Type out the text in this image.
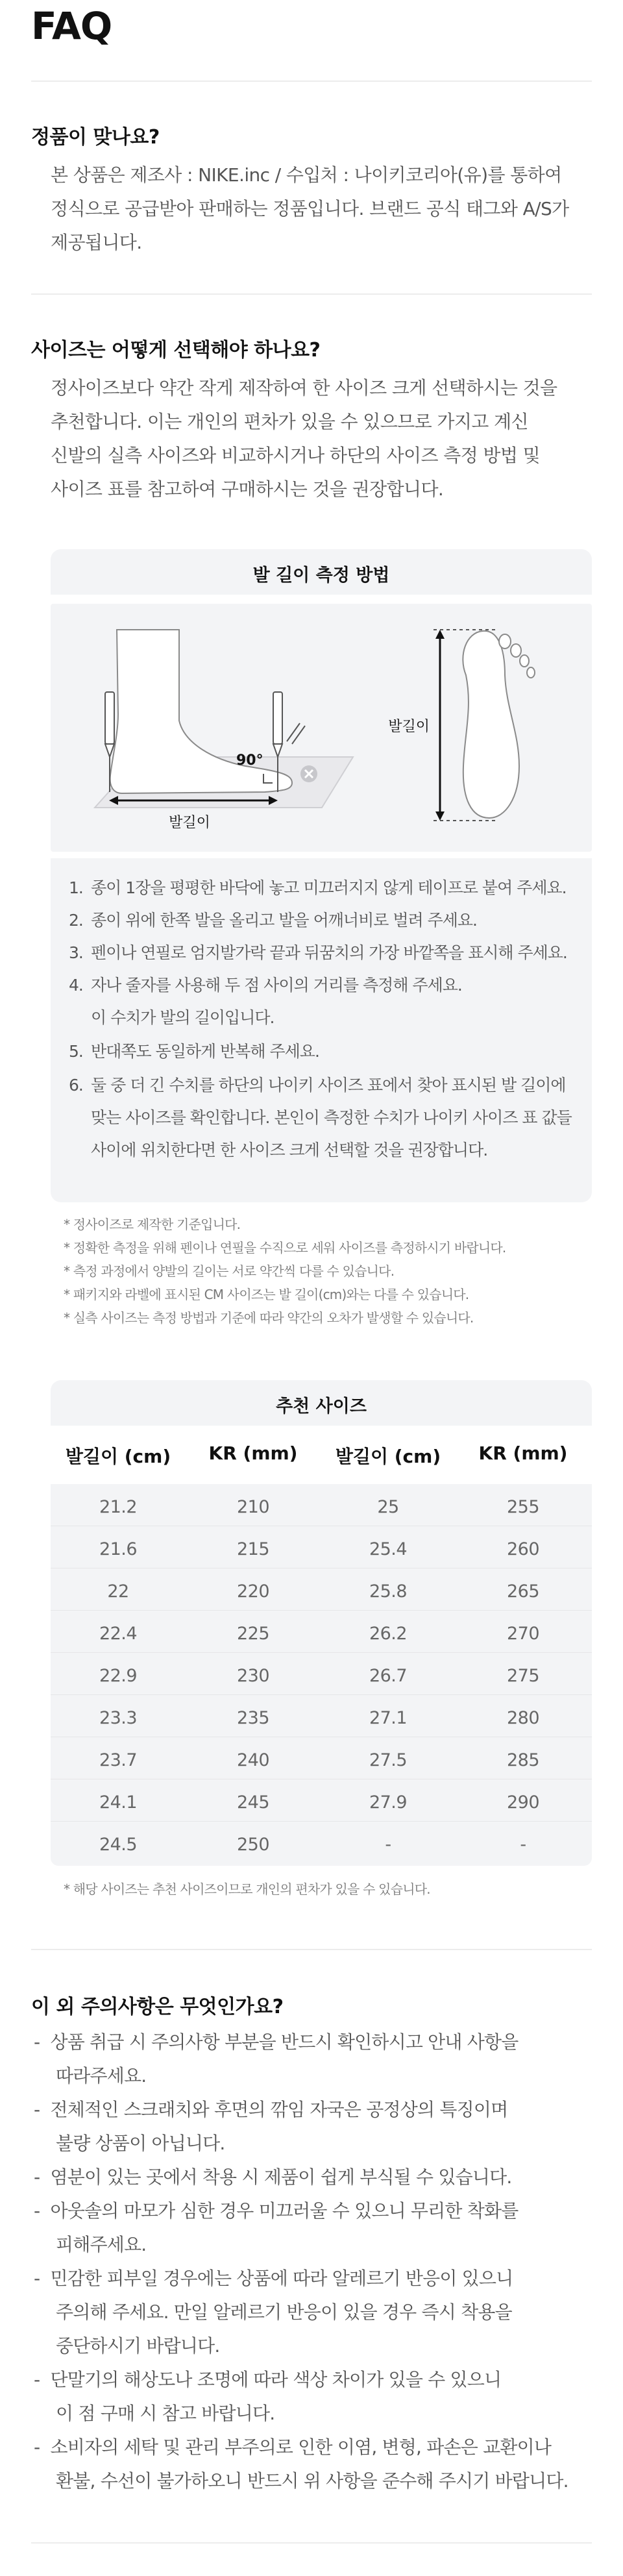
FAQ
정품이 맞나요?
본 상품은 제조사 : NIKE.inc / 수입처 : 나이키코리아(유)를 통하여
정식으로 공급받아 판매하는 정품입니다. 브랜드 공식 태그와 A/S가
제공됩니다.
사이즈는 어떻게 선택해야 하나요?
정사이즈보다 약간 작게 제작하여 한 사이즈 크게 선택하시는 것을
추천합니다. 이는 개인의 편차가 있을 수 있으므로 가지고 계신
신발의 실측 사이즈와 비교하시거나 하단의 사이즈 측정 방법 및
사이즈 표를 참고하여 구매하시는 것을 권장합니다.
발 길이 측정 방법
90°
발길이
발길이
1. 종이 1장을 평평한 바닥에 놓고 미끄러지지 않게 테이프로 붙여 주세요.
2. 종이 위에 한쪽 발을 올리고 발을 어깨너비로 벌려 주세요.
3. 펜이나 연필로 엄지발가락 끝과 뒤꿈치의 가장 바깥쪽을 표시해 주세요.
4. 자나 줄자를 사용해 두 점 사이의 거리를 측정해 주세요.
이 수치가 발의 길이입니다.
5. 반대쪽도 동일하게 반복해 주세요.
6. 둘 중 더 긴 수치를 하단의 나이키 사이즈 표에서 찾아 표시된 발 길이에
맞는 사이즈를 확인합니다. 본인이 측정한 수치가 나이키 사이즈 표 값들
사이에 위치한다면 한 사이즈 크게 선택할 것을 권장합니다.
* 정사이즈로 제작한 기준입니다.
* 정확한 측정을 위해 펜이나 연필을 수직으로 세워 사이즈를 측정하시기 바랍니다.
* 측정 과정에서 양발의 길이는 서로 약간씩 다를 수 있습니다.
* 패키지와 라벨에 표시된 CM 사이즈는 발 길이(cm)와는 다를 수 있습니다.
* 실측 사이즈는 측정 방법과 기준에 따라 약간의 오차가 발생할 수 있습니다.
추천 사이즈
발길이 (cm)	KR (mm)	발길이 (cm)	KR (mm)
21.2	210	25	255
21.6	215	25.4	260
22	220	25.8	265
22.4	225	26.2	270
22.9	230	26.7	275
23.3	235	27.1	280
23.7	240	27.5	285
24.1	245	27.9	290
24.5	250	-	-
* 해당 사이즈는 추천 사이즈이므로 개인의 편차가 있을 수 있습니다.
이 외 주의사항은 무엇인가요?
-  상품 취급 시 주의사항 부분을 반드시 확인하시고 안내 사항을
따라주세요.
-  전체적인 스크래치와 후면의 깎임 자국은 공정상의 특징이며
불량 상품이 아닙니다.
-  염분이 있는 곳에서 착용 시 제품이 쉽게 부식될 수 있습니다.
-  아웃솔의 마모가 심한 경우 미끄러울 수 있으니 무리한 착화를
피해주세요.
-  민감한 피부일 경우에는 상품에 따라 알레르기 반응이 있으니
주의해 주세요. 만일 알레르기 반응이 있을 경우 즉시 착용을
중단하시기 바랍니다.
-  단말기의 해상도나 조명에 따라 색상 차이가 있을 수 있으니
이 점 구매 시 참고 바랍니다.
-  소비자의 세탁 및 관리 부주의로 인한 이염, 변형, 파손은 교환이나
환불, 수선이 불가하오니 반드시 위 사항을 준수해 주시기 바랍니다.
